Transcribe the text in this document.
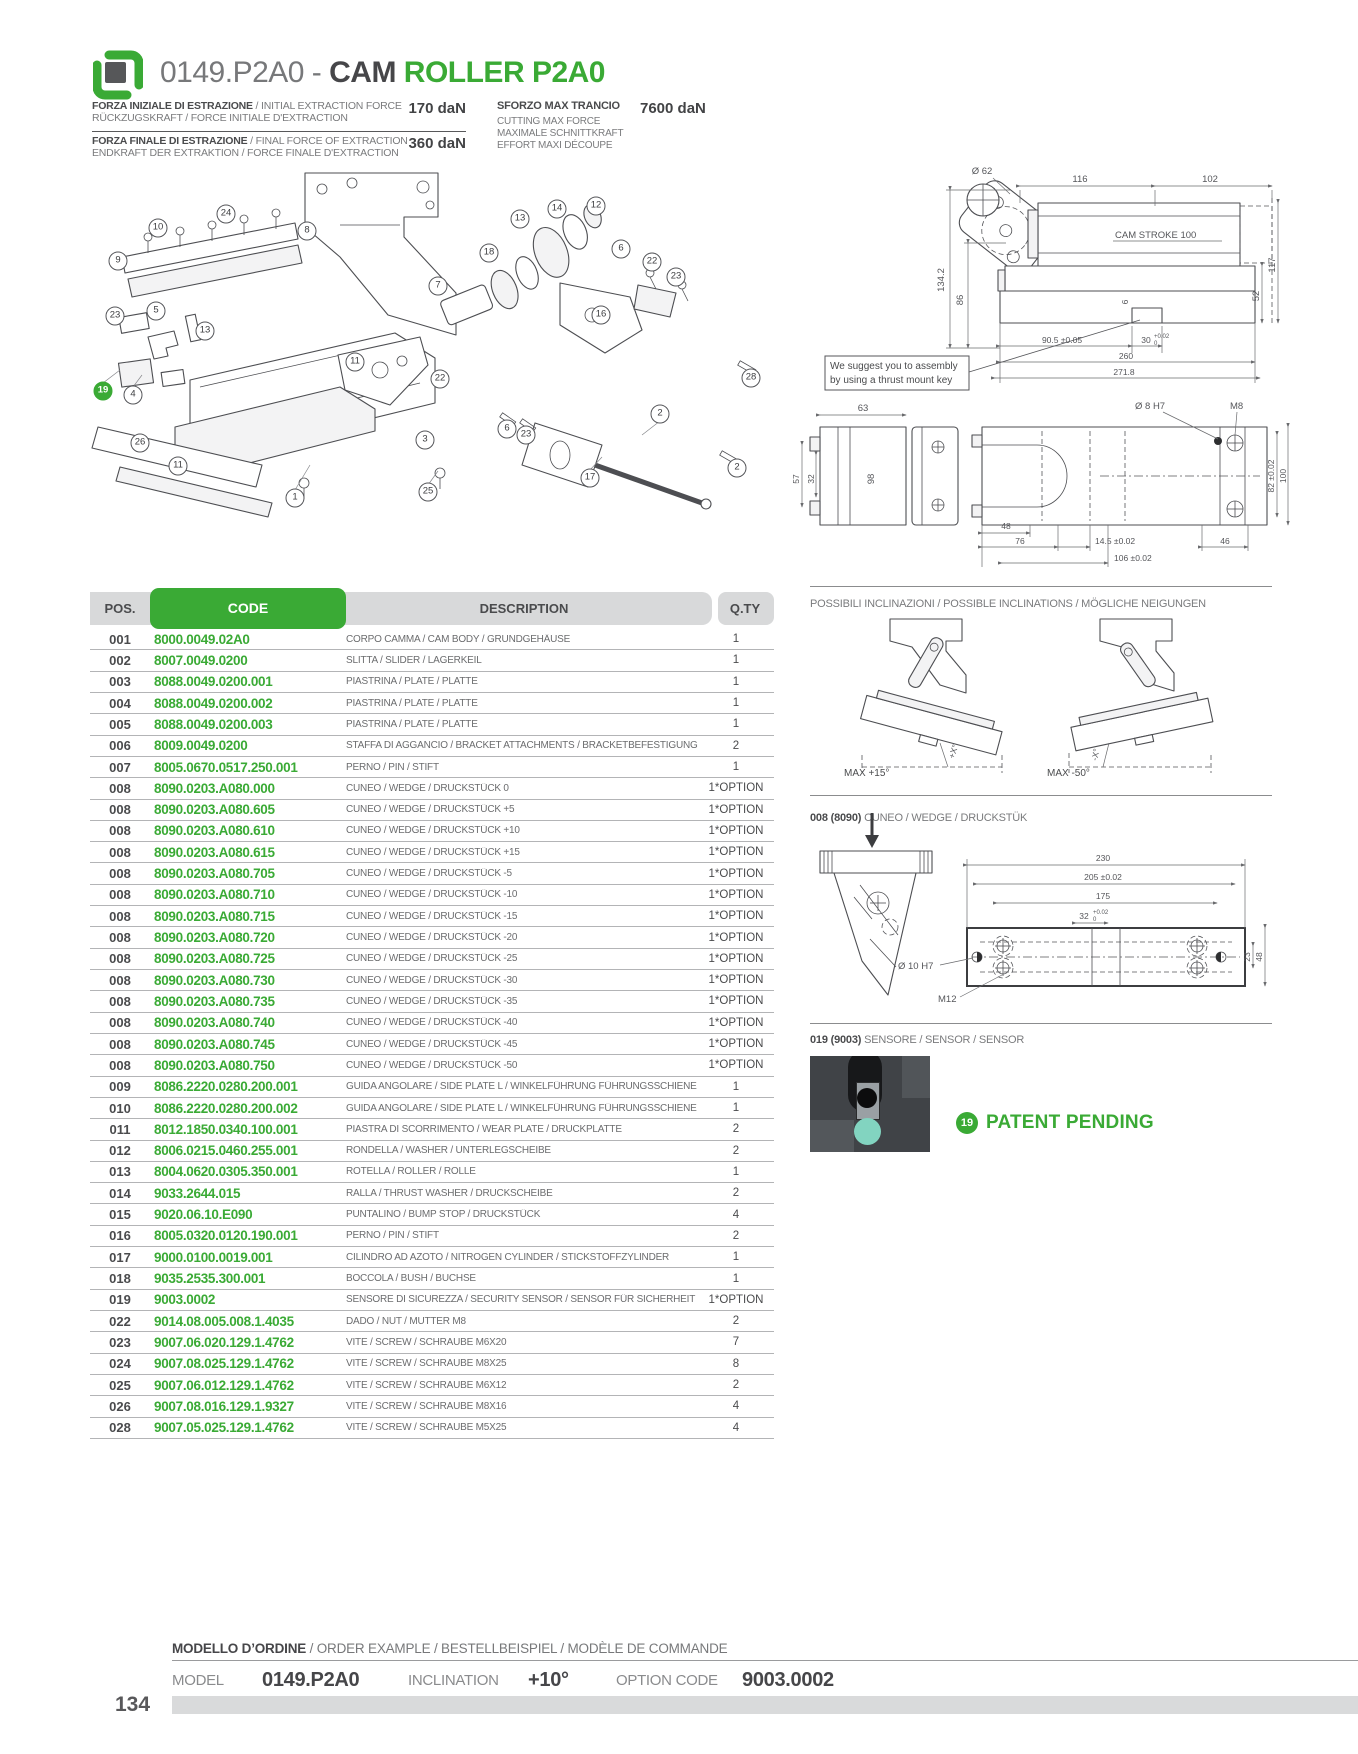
0149.P2A0 - CAM ROLLER P2A0
FORZA INIZIALE DI ESTRAZIONE / INITIAL EXTRACTION FORCE
RÜCKZUGSKRAFT / FORCE INITIALE D'EXTRACTION
170 daN
FORZA FINALE DI ESTRAZIONE / FINAL FORCE OF EXTRACTION
ENDKRAFT DER EXTRAKTION / FORCE FINALE D'EXTRACTION
360 daN
SFORZO MAX TRANCIO
CUTTING MAX FORCE
MAXIMALE SCHNITTKRAFT
EFFORT MAXI DÉCOUPE
7600 daN
10
24
8
9
23	5
13
19	4
26
11
1
13
14	12
18	6
22
23
7
16
11
22
6
23
3
2
17
25
28
2
CAM STROKE 100
Ø 62
116	102
134.2
86	52
117
6
90.5 ±0.05	30 +0.02 0
260
271.8
We suggest you to assembly
by using a thrust mount key
63
57 32	98
Ø 8 H7	M8
82 ±0.02 100
48
76	14.5 ±0.02
106 ±0.02
46
POSSIBILI INCLINAZIONI / POSSIBLE INCLINATIONS / MÖGLICHE NEIGUNGEN
+X°
MAX +15°
-X°
MAX -50°
008 (8090) CUNEO / WEDGE / DRUCKSTÜK
230
205 ±0.02
175
32 +0.02 0
Ø 10 H7
M12
23 48
019 (9003) SENSORE / SENSOR / SENSOR
19 PATENT PENDING
POS.	CODE	DESCRIPTION	Q.TY
001	8000.0049.02A0	CORPO CAMMA / CAM BODY / GRUNDGEHÄUSE	1
002	8007.0049.0200	SLITTA / SLIDER / LAGERKEIL	1
003	8088.0049.0200.001	PIASTRINA / PLATE / PLATTE	1
004	8088.0049.0200.002	PIASTRINA / PLATE / PLATTE	1
005	8088.0049.0200.003	PIASTRINA / PLATE / PLATTE	1
006	8009.0049.0200	STAFFA DI AGGANCIO / BRACKET ATTACHMENTS / BRACKETBEFESTIGUNG	2
007	8005.0670.0517.250.001	PERNO / PIN / STIFT	1
008	8090.0203.A080.000	CUNEO / WEDGE / DRUCKSTÜCK 0	1*OPTION
008	8090.0203.A080.605	CUNEO / WEDGE / DRUCKSTÜCK +5	1*OPTION
008	8090.0203.A080.610	CUNEO / WEDGE / DRUCKSTÜCK +10	1*OPTION
008	8090.0203.A080.615	CUNEO / WEDGE / DRUCKSTÜCK +15	1*OPTION
008	8090.0203.A080.705	CUNEO / WEDGE / DRUCKSTÜCK -5	1*OPTION
008	8090.0203.A080.710	CUNEO / WEDGE / DRUCKSTÜCK -10	1*OPTION
008	8090.0203.A080.715	CUNEO / WEDGE / DRUCKSTÜCK -15	1*OPTION
008	8090.0203.A080.720	CUNEO / WEDGE / DRUCKSTÜCK -20	1*OPTION
008	8090.0203.A080.725	CUNEO / WEDGE / DRUCKSTÜCK -25	1*OPTION
008	8090.0203.A080.730	CUNEO / WEDGE / DRUCKSTÜCK -30	1*OPTION
008	8090.0203.A080.735	CUNEO / WEDGE / DRUCKSTÜCK -35	1*OPTION
008	8090.0203.A080.740	CUNEO / WEDGE / DRUCKSTÜCK -40	1*OPTION
008	8090.0203.A080.745	CUNEO / WEDGE / DRUCKSTÜCK -45	1*OPTION
008	8090.0203.A080.750	CUNEO / WEDGE / DRUCKSTÜCK -50	1*OPTION
009	8086.2220.0280.200.001	GUIDA ANGOLARE / SIDE PLATE L / WINKELFÜHRUNG FÜHRUNGSSCHIENE	1
010	8086.2220.0280.200.002	GUIDA ANGOLARE / SIDE PLATE L / WINKELFÜHRUNG FÜHRUNGSSCHIENE	1
011	8012.1850.0340.100.001	PIASTRA DI SCORRIMENTO / WEAR PLATE / DRUCKPLATTE	2
012	8006.0215.0460.255.001	RONDELLA / WASHER / UNTERLEGSCHEIBE	2
013	8004.0620.0305.350.001	ROTELLA / ROLLER / ROLLE	1
014	9033.2644.015	RALLA / THRUST WASHER / DRUCKSCHEIBE	2
015	9020.06.10.E090	PUNTALINO / BUMP STOP / DRUCKSTÜCK	4
016	8005.0320.0120.190.001	PERNO / PIN / STIFT	2
017	9000.0100.0019.001	CILINDRO AD AZOTO / NITROGEN CYLINDER / STICKSTOFFZYLINDER	1
018	9035.2535.300.001	BOCCOLA / BUSH / BUCHSE	1
019	9003.0002	SENSORE DI SICUREZZA / SECURITY SENSOR / SENSOR FÜR SICHERHEIT	1*OPTION
022	9014.08.005.008.1.4035	DADO / NUT / MUTTER M8	2
023	9007.06.020.129.1.4762	VITE / SCREW / SCHRAUBE M6X20	7
024	9007.08.025.129.1.4762	VITE / SCREW / SCHRAUBE M8X25	8
025	9007.06.012.129.1.4762	VITE / SCREW / SCHRAUBE M6X12	2
026	9007.08.016.129.1.9327	VITE / SCREW / SCHRAUBE M8X16	4
028	9007.05.025.129.1.4762	VITE / SCREW / SCHRAUBE M5X25	4
MODELLO D’ORDINE / ORDER EXAMPLE / BESTELLBEISPIEL / MODÈLE DE COMMANDE
MODEL 0149.P2A0	INCLINATION +10°	OPTION CODE 9003.0002
134
